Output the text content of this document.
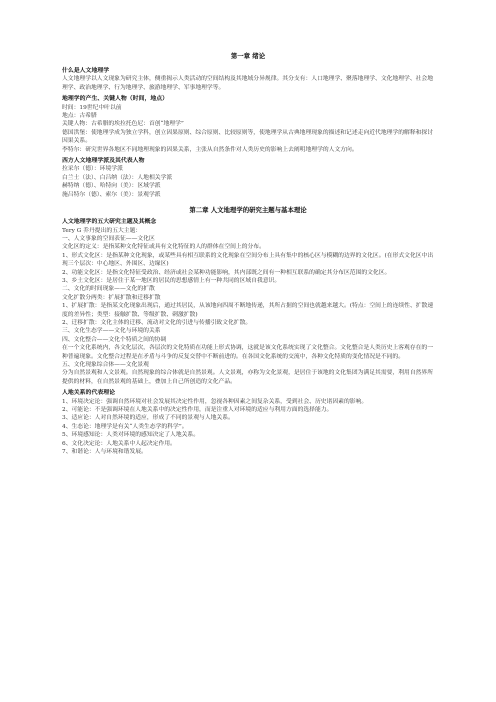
第一章 绪论
什么是人文地理学
人文地理学以人文现象为研究主体，侧重揭示人类活动的空间结构及其地域分异规律。其分支有：人口地理学、聚落地理学、文化地理学、社会地理学、政治地理学、行为地理学、旅游地理学、军事地理学等。
地理学的产生、关键人物（时间，地点）
时间：19世纪中叶以前
地点：古希腊
关键人物：古希腊的埃拉托色尼：首创“地理学”
德国洪堡：使地理学成为独立学科，创立因果原则、综合原则、比较原则等，使地理学从古典地理现象的描述和记述走向近代地理学的解释和探讨因果关系。
李特尔：研究世界各地区不同地理现象的因果关系，主张从自然条件对人类历史的影响上去阐明地理学的人文方向。
西方人文地理学派及其代表人物
拉采尔（德）：环境学派
白兰士（法）、白吕纳（法）：人地相关学派
赫特纳（德）、哈特向（美）：区域学派
施吕特尔（德）、索尔（美）：景观学派
第二章 人文地理学的研究主题与基本理论
人文地理学的五大研究主题及其概念
Tery G 乔丹提出的五大主题：
一、人文事象的空间表征——文化区
文化区的定义：是指某种文化特征或具有文化特征的人的群体在空间上的分布。
1、形式文化区：是指某种文化现象，或某些具有相互联系的文化现象在空间分布上具有集中的核心区与模糊的边界的文化区。(在形式文化区中出现三个层次：中心地区、外围区、边缘区)
2、功能文化区：是指文化特征受政治、经济或社会某种功能影响，其内部既之间有一种相互联系的确定其分布区范围的文化区。
3、乡土文化区：是居住于某一地区的居民的思想感情上有一种共同的区域自我意识。
二、文化的时间现象——文化的扩散
文化扩散分两类：扩展扩散和迁移扩散
1、扩展扩散：是指某文化现象出现后，通过其居民，从该地向四周不断地传递，其所占据的空间也就越来越大。(特点：空间上的连续性、扩散速度的差异性；类型：接触扩散、等级扩散、刺激扩散)
2、迁移扩散：文化主体的迁移、流动对文化的引进与传播引致文化扩散。
三、文化生态学——文化与环境的关系
四、文化整合——文化个特质之间的协调
在一个文化系统内，各文化层次，各层次的文化特质在功能上形式协调，这就是该文化系统实现了文化整合。文化整合是人类历史上客观存在的一种普遍现象。文化整合过程是在矛盾与斗争的反复交替中不断前进的。在各国文化系统的交流中，各种文化特质的变化情况是不同的。
五、文化现象综合体——文化景观
分为自然景观和人文景观。自然现象的综合体就是自然景观。人文景观，亦称为文化景观，是居住于该地的文化集团为满足其需要，利用自然界所提供的材料，在自然景观的基础上，叠加上自己所创造的文化产品。
人地关系的代表理论
1、环境决定论：强调自然环境对社会发展其决定性作用，忽视各种因素之间复杂关系，受到社会、历史诸因素的影响。
2、可能论：不是强调环境在人地关系中的决定性作用，而是注重人对环境的适应与利用方面的选择能力。
3、适应论：人对自然环境的适应，形成了不同的景观与人地关系。
4、生态论：地理学是有关“人类生态学的科学”。
5、环境感知论：人类对环境的感知决定了人地关系。
6、文化决定论：人地关系中人起决定作用。
7、和谐论：人与环境和谐发展。
